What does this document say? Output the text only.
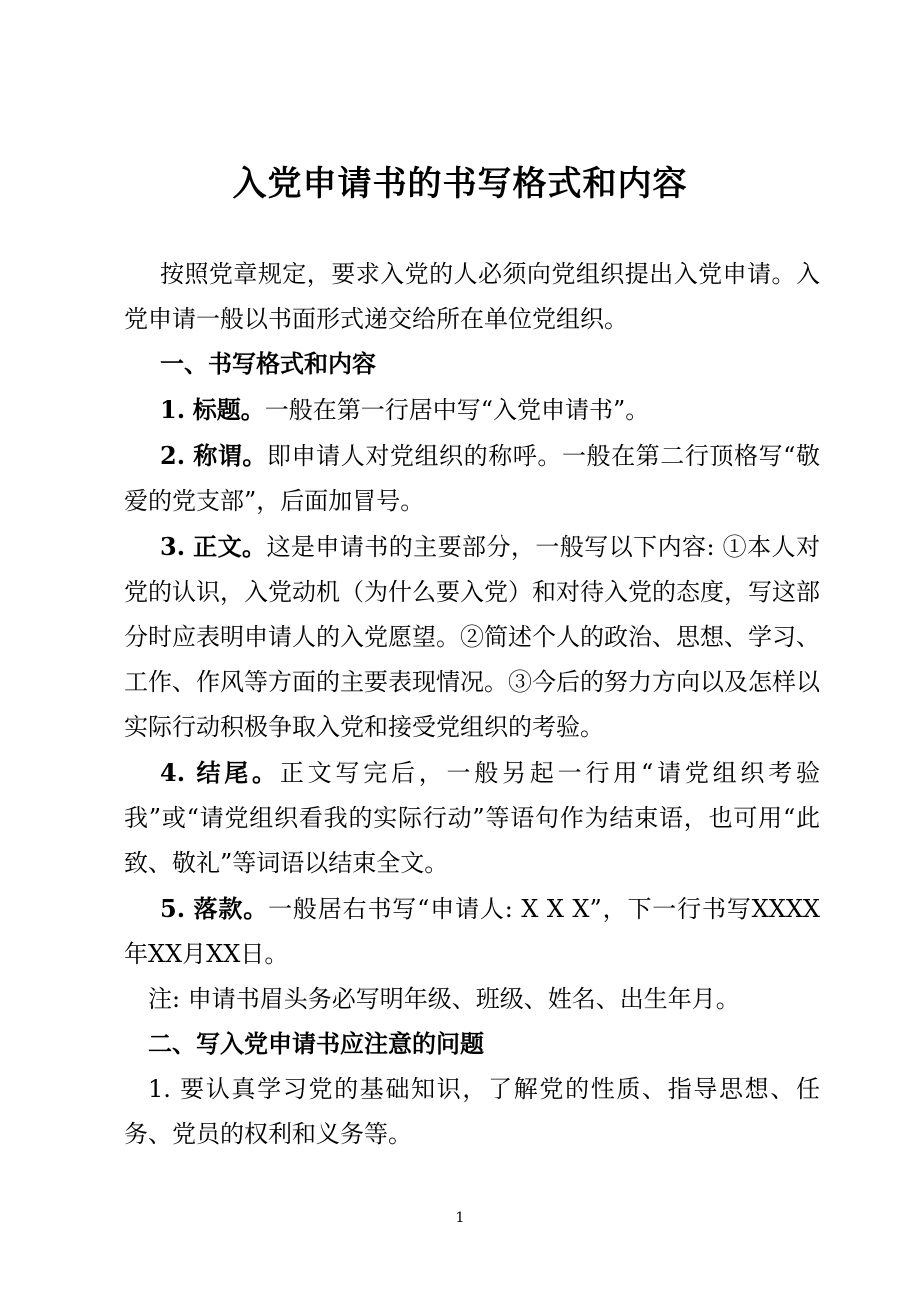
入党申请书的书写格式和内容

按照党章规定，要求入党的人必须向党组织提出入党申请。入党申请一般以书面形式递交给所在单位党组织。

一、书写格式和内容

1. 标题。一般在第一行居中写“入党申请书”。

2. 称谓。即申请人对党组织的称呼。一般在第二行顶格写“敬爱的党支部”，后面加冒号。

3. 正文。这是申请书的主要部分，一般写以下内容: ①本人对党的认识，入党动机（为什么要入党）和对待入党的态度，写这部分时应表明申请人的入党愿望。②简述个人的政治、思想、学习、工作、作风等方面的主要表现情况。③今后的努力方向以及怎样以实际行动积极争取入党和接受党组织的考验。

4. 结尾。正文写完后，一般另起一行用“请党组织考验我”或“请党组织看我的实际行动”等语句作为结束语，也可用“此致、敬礼”等词语以结束全文。

5. 落款。一般居右书写“申请人: X X X”，下一行书写XXXX年XX月XX日。

注: 申请书眉头务必写明年级、班级、姓名、出生年月。

二、写入党申请书应注意的问题

1. 要认真学习党的基础知识，了解党的性质、指导思想、任务、党员的权利和义务等。

1
